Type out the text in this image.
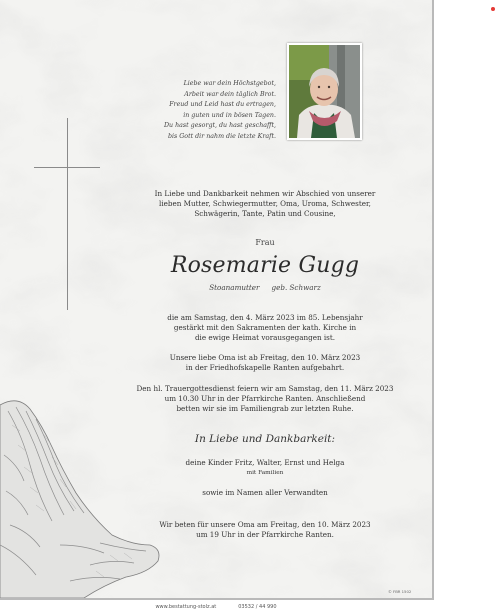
Liebe war dein Höchstgebot,
Arbeit war dein täglich Brot.
Freud und Leid hast du ertragen,
in guten und in bösen Tagen.
Du hast gesorgt, du hast geschafft,
bis Gott dir nahm die letzte Kraft.
In Liebe und Dankbarkeit nehmen wir Abschied von unserer
lieben Mutter, Schwiegermutter, Oma, Uroma, Schwester,
Schwägerin, Tante, Patin und Cousine,
Frau
Rosemarie Gugg
Stoanamutter geb. Schwarz
die am Samstag, den 4. März 2023 im 85. Lebensjahr
gestärkt mit den Sakramenten der kath. Kirche in
die ewige Heimat vorausgegangen ist.
Unsere liebe Oma ist ab Freitag, den 10. März 2023
in der Friedhofskapelle Ranten aufgebahrt.
Den hl. Trauergottesdienst feiern wir am Samstag, den 11. März 2023
um 10.30 Uhr in der Pfarrkirche Ranten. Anschließend
betten wir sie im Familiengrab zur letzten Ruhe.
In Liebe und Dankbarkeit:
deine Kinder Fritz, Walter, Ernst und Helga
mit Familien
sowie im Namen aller Verwandten
Wir beten für unsere Oma am Freitag, den 10. März 2023
um 19 Uhr in der Pfarrkirche Ranten.
© FBR 1502
www.bestattung-stolz.at	03532 / 44 990
